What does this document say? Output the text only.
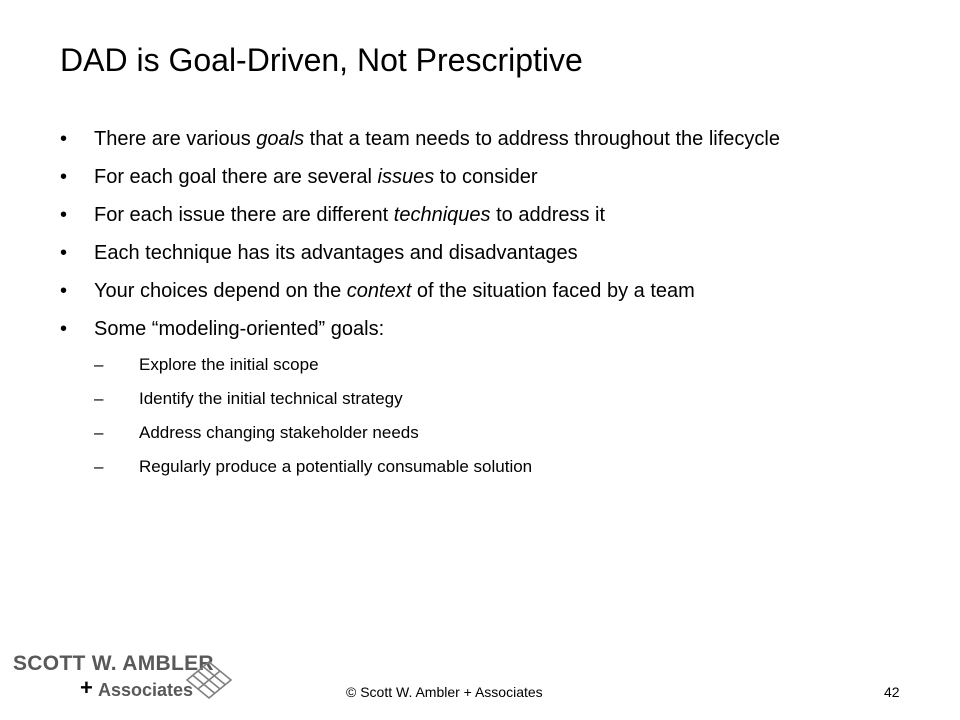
DAD is Goal-Driven, Not Prescriptive
• There are various goals that a team needs to address throughout the lifecycle
• For each goal there are several issues to consider
• For each issue there are different techniques to address it
• Each technique has its advantages and disadvantages
• Your choices depend on the context of the situation faced by a team
• Some “modeling-oriented” goals:
– Explore the initial scope
– Identify the initial technical strategy
– Address changing stakeholder needs
– Regularly produce a potentially consumable solution
SCOTT W. AMBLER
+ Associates	© Scott W. Ambler + Associates	42
